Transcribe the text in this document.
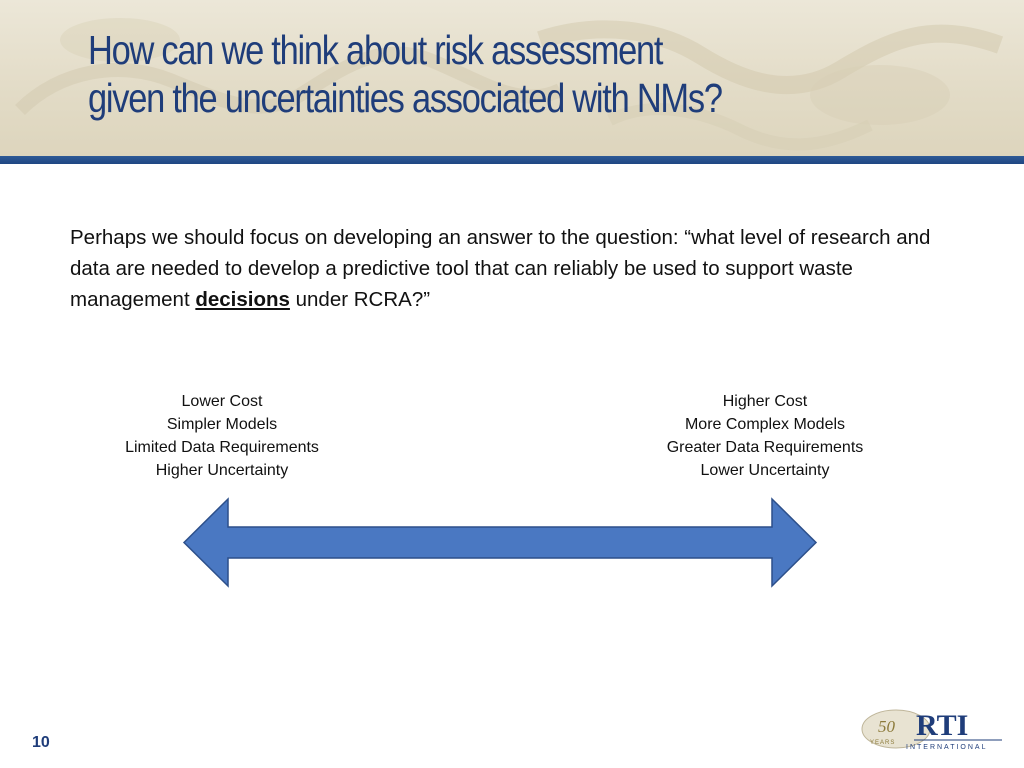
How can we think about risk assessment
given the uncertainties associated with NMs?

Perhaps we should focus on developing an answer to the question: “what level of research and data are needed to develop a predictive tool that can reliably be used to support waste management decisions under RCRA?”

Lower Cost
Simpler Models
Limited Data Requirements
Higher Uncertainty
Higher Cost
More Complex Models
Greater Data Requirements
Lower Uncertainty
10
50
YEARS
RTI
INTERNATIONAL
